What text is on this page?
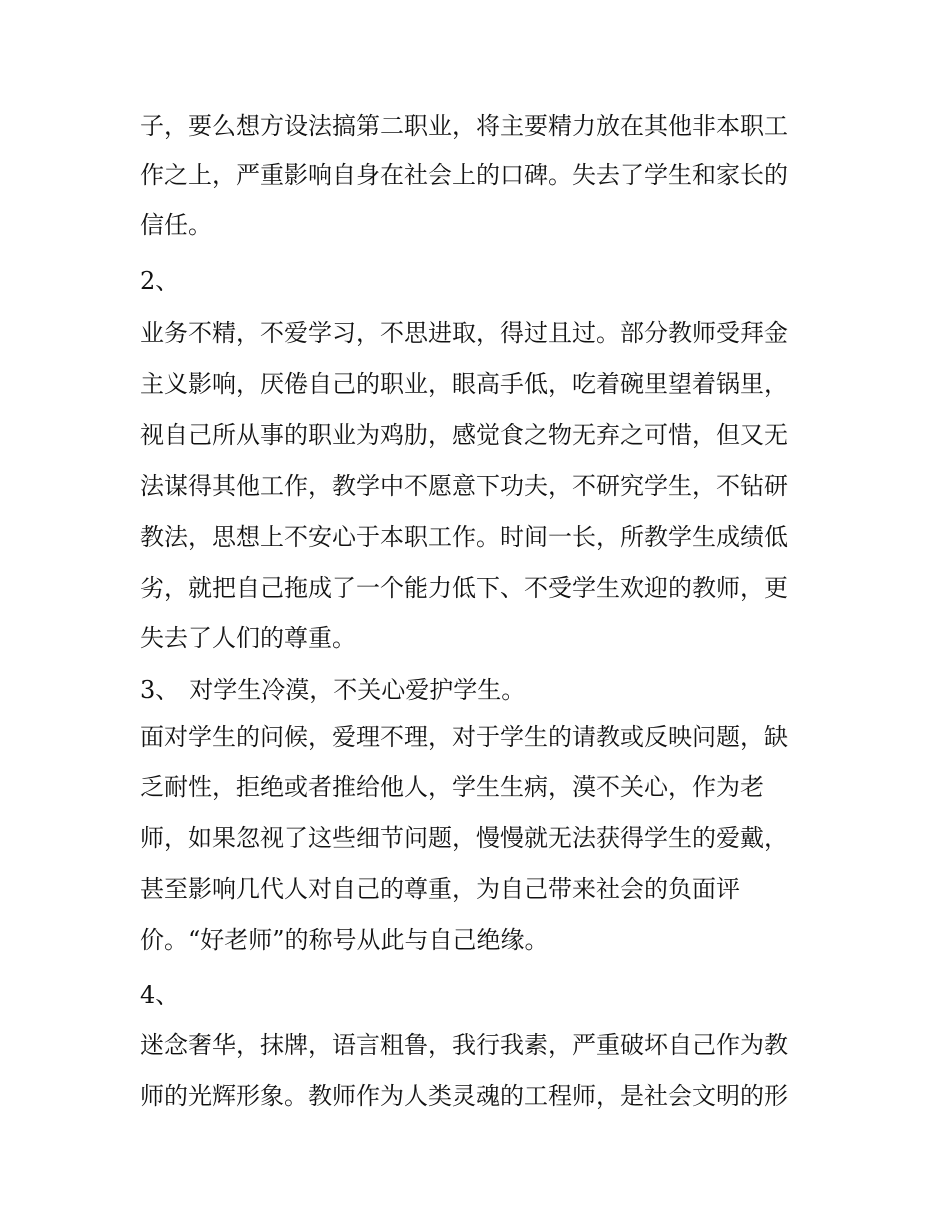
子，要么想方设法搞第二职业，将主要精力放在其他非本职工

作之上，严重影响自身在社会上的口碑。失去了学生和家长的

信任。

2、

业务不精，不爱学习，不思进取，得过且过。部分教师受拜金

主义影响，厌倦自己的职业，眼高手低，吃着碗里望着锅里，

视自己所从事的职业为鸡肋，感觉食之物无弃之可惜，但又无

法谋得其他工作，教学中不愿意下功夫，不研究学生，不钻研

教法，思想上不安心于本职工作。时间一长，所教学生成绩低

劣，就把自己拖成了一个能力低下、不受学生欢迎的教师，更

失去了人们的尊重。

3、 对学生冷漠，不关心爱护学生。

面对学生的问候，爱理不理，对于学生的请教或反映问题，缺

乏耐性，拒绝或者推给他人，学生生病，漠不关心，作为老

师，如果忽视了这些细节问题，慢慢就无法获得学生的爱戴，

甚至影响几代人对自己的尊重，为自己带来社会的负面评

价。“好老师”的称号从此与自己绝缘。

4、

迷念奢华，抹牌，语言粗鲁，我行我素，严重破坏自己作为教

师的光辉形象。教师作为人类灵魂的工程师，是社会文明的形
